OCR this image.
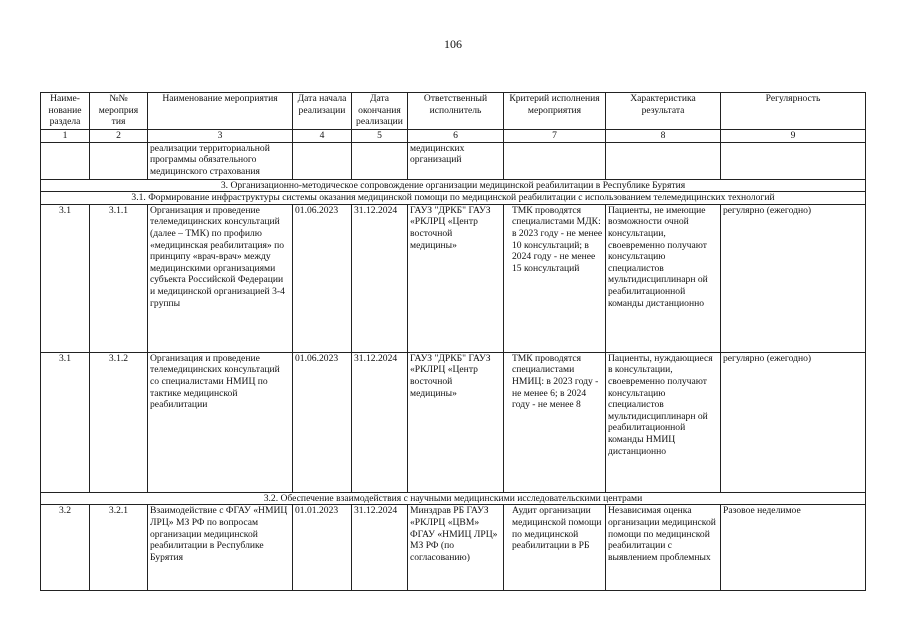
106
Наиме-нование раздела	№№ мероприя тия	Наименование мероприятия	Дата начала реализации	Дата окончания реализации	Ответственный исполнитель	Критерий исполнения мероприятия	Характеристика результата	Регулярность
1	2	3	4	5	6	7	8	9
		реализации территориальной программы обязательного медицинского страхования			медицинских организаций			
3. Организационно-методическое сопровождение организации медицинской реабилитации в Республике Бурятия								
3.1. Формирование инфраструктуры системы оказания медицинской помощи по медицинской реабилитации с использованием телемедицинских технологий								
3.1	3.1.1	Организация и проведение телемедицинских консультаций (далее – ТМК) по профилю «медицинская реабилитация» по принципу «врач-врач» между медицинскими организациями субъекта Российской Федерации и медицинской организацией 3-4 группы	01.06.2023	31.12.2024	ГАУЗ "ДРКБ" ГАУЗ «РКЛРЦ «Центр восточной медицины»	ТМК проводятся специалистами МДК: в 2023 году - не менее 10 консультаций; в 2024 году - не менее 15 консультаций	Пациенты, не имеющие возможности очной консультации, своевременно получают консультацию специалистов мультидисциплинарн ой реабилитационной команды дистанционно	регулярно (ежегодно)
3.1	3.1.2	Организация и проведение телемедицинских консультаций со специалистами НМИЦ по тактике медицинской реабилитации	01.06.2023	31.12.2024	ГАУЗ "ДРКБ" ГАУЗ «РКЛРЦ «Центр восточной медицины»	ТМК проводятся специалистами НМИЦ: в 2023 году - не менее 6; в 2024 году - не менее 8	Пациенты, нуждающиеся в консультации, своевременно получают консультацию специалистов мультидисциплинарн ой реабилитационной команды НМИЦ дистанционно	регулярно (ежегодно)
3.2. Обеспечение взаимодействия с научными медицинскими исследовательскими центрами								
3.2	3.2.1	Взаимодействие с ФГАУ «НМИЦ ЛРЦ» МЗ РФ по вопросам организации медицинской реабилитации в Республике Бурятия	01.01.2023	31.12.2024	Минздрав РБ ГАУЗ «РКЛРЦ «ЦВМ» ФГАУ «НМИЦ ЛРЦ» МЗ РФ (по согласованию)	Аудит организации медицинской помощи по медицинской реабилитации в РБ	Независимая оценка организации медицинской помощи по медицинской реабилитации с выявлением проблемных	Разовое неделимое
